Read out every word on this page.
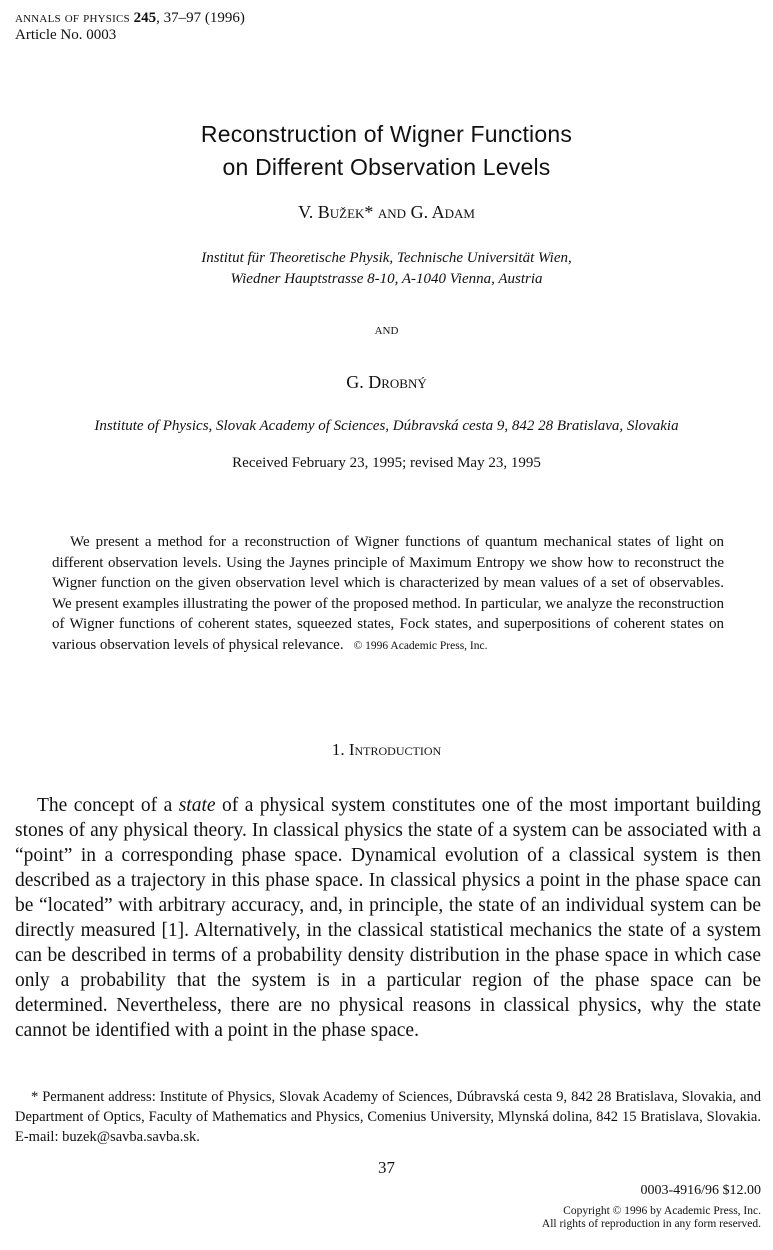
annals of physics 245, 37–97 (1996)
Article No. 0003
Reconstruction of Wigner Functions
on Different Observation Levels
V. Bužek* and G. Adam
Institut für Theoretische Physik, Technische Universität Wien,
Wiedner Hauptstrasse 8-10, A-1040 Vienna, Austria
and
G. Drobný
Institute of Physics, Slovak Academy of Sciences, Dúbravská cesta 9, 842 28 Bratislava, Slovakia
Received February 23, 1995; revised May 23, 1995
We present a method for a reconstruction of Wigner functions of quantum mechanical states of light on different observation levels. Using the Jaynes principle of Maximum Entropy we show how to reconstruct the Wigner function on the given observation level which is characterized by mean values of a set of observables. We present examples illustrating the power of the proposed method. In particular, we analyze the reconstruction of Wigner functions of coherent states, squeezed states, Fock states, and superpositions of coherent states on various observation levels of physical relevance. © 1996 Academic Press, Inc.
1. Introduction
The concept of a state of a physical system constitutes one of the most important building stones of any physical theory. In classical physics the state of a system can be associated with a “point” in a corresponding phase space. Dynamical evolution of a classical system is then described as a trajectory in this phase space. In classical physics a point in the phase space can be “located” with arbitrary accuracy, and, in principle, the state of an individual system can be directly measured [1]. Alternatively, in the classical statistical mechanics the state of a system can be described in terms of a probability density distribution in the phase space in which case only a probability that the system is in a particular region of the phase space can be determined. Nevertheless, there are no physical reasons in classical physics, why the state cannot be identified with a point in the phase space.
* Permanent address: Institute of Physics, Slovak Academy of Sciences, Dúbravská cesta 9, 842 28 Bratislava, Slovakia, and Department of Optics, Faculty of Mathematics and Physics, Comenius University, Mlynská dolina, 842 15 Bratislava, Slovakia. E-mail: buzek@savba.savba.sk.
37
0003-4916/96 $12.00
Copyright © 1996 by Academic Press, Inc.
All rights of reproduction in any form reserved.
